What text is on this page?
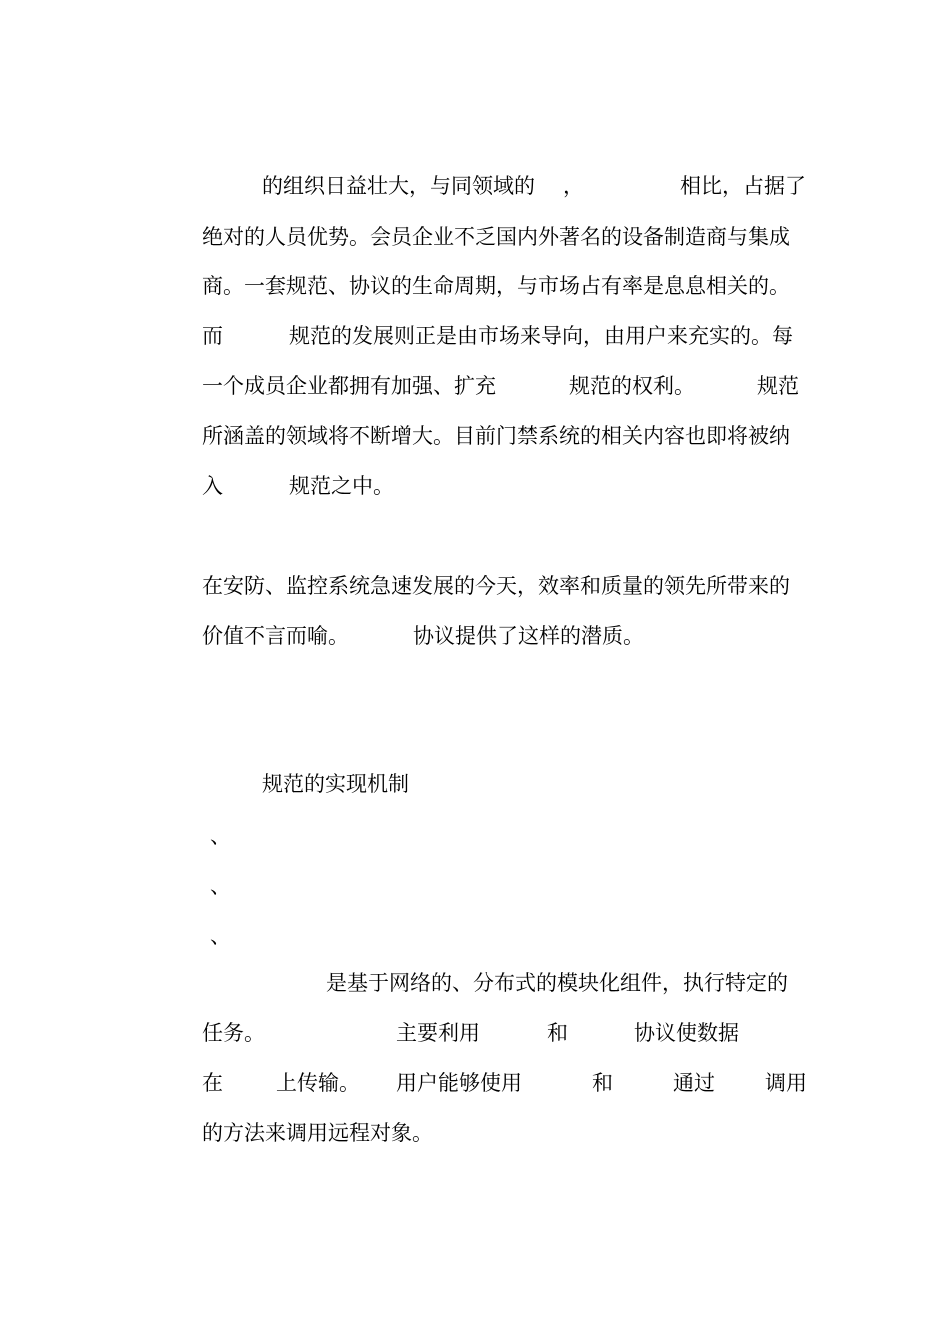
的组织日益壮大，与同领域的 ，	相比，占据了
绝对的人员优势。会员企业不乏国内外著名的设备制造商与集成
商。一套规范、协议的生命周期，与市场占有率是息息相关的。
而	规范的发展则正是由市场来导向，由用户来充实的。每
一个成员企业都拥有加强、扩充	规范的权利。	规范
所涵盖的领域将不断增大。目前门禁系统的相关内容也即将被纳
入	规范之中。
在安防、监控系统急速发展的今天，效率和质量的领先所带来的
价值不言而喻。	协议提供了这样的潜质。
规范的实现机制
、
、
、
是基于网络的、分布式的模块化组件，执行特定的
任务。	主要利用	和	协议使数据
在	上传输。 用户能够使用	和	通过 调用
的方法来调用远程对象。
